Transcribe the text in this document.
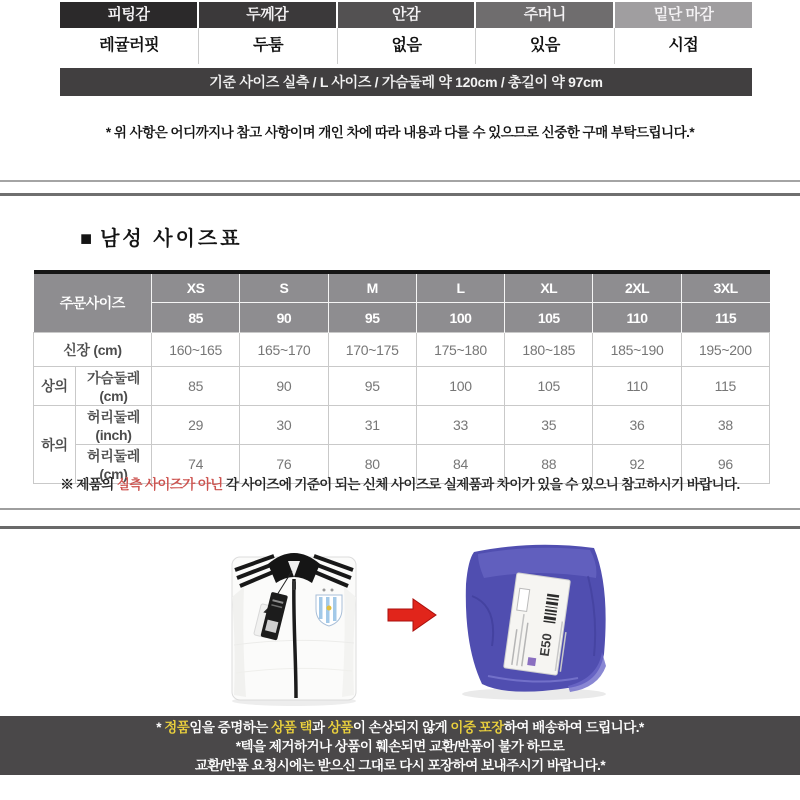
피팅감	두께감	안감	주머니	밑단 마감
레귤러핏	두툼	없음	있음	시접
기준 사이즈 실측 / L 사이즈 / 가슴둘레 약 120cm / 총길이 약 97cm
* 위 사항은 어디까지나 참고 사항이며 개인 차에 따라 내용과 다를 수 있으므로 신중한 구매 부탁드립니다.*
■ 남성 사이즈표
주문사이즈		XS	S	M	L	XL	2XL	3XL
		85	90	95	100	105	110	115
신장 (cm)		160~165	165~170	170~175	175~180	180~185	185~190	195~200
상의	가슴둘레 (cm)	85	90	95	100	105	110	115
하의	허리둘레 (inch)	29	30	31	33	35	36	38
	허리둘레 (cm)	74	76	80	84	88	92	96
※ 제품의 실측 사이즈가 아닌 각 사이즈에 기준이 되는 신체 사이즈로 실제품과 차이가 있을 수 있으니 참고하시기 바랍니다.
E50
* 정품임을 증명하는 상품 택과 상품이 손상되지 않게 이중 포장하여 배송하여 드립니다.*
*텍을 제거하거나 상품이 훼손되면 교환/반품이 불가 하므로
교환/반품 요청시에는 받으신 그대로 다시 포장하여 보내주시기 바랍니다.*
